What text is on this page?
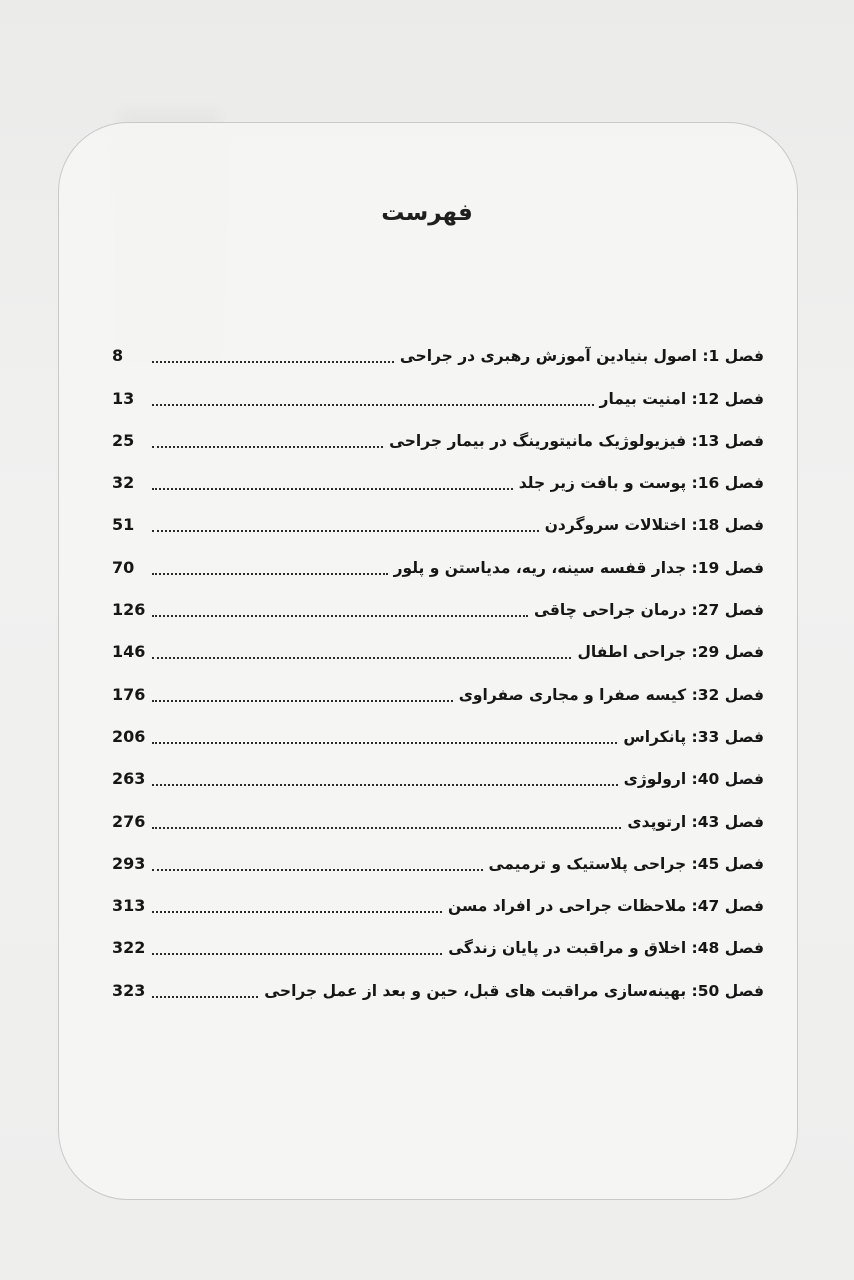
فهرست
فصل 1: اصول بنیادین آموزش رهبری در جراحی
8
فصل 12: امنیت بیمار
13
فصل 13: فیزیولوژیک مانیتورینگ در بیمار جراحی
25
فصل 16: پوست و بافت زیر جلد
32
فصل 18: اختلالات سروگردن
51
فصل 19: جدار قفسه سینه، ریه، مدیاستن و پلور
70
فصل 27: درمان جراحی چاقی
126
فصل 29: جراحی اطفال
146
فصل 32: کیسه صفرا و مجاری صفراوی
176
فصل 33: پانکراس
206
فصل 40: ارولوژی
263
فصل 43: ارتوپدی
276
فصل 45: جراحی پلاستیک و ترمیمی
293
فصل 47: ملاحظات جراحی در افراد مسن
313
فصل 48: اخلاق و مراقبت در پایان زندگی
322
فصل 50: بهینه‌سازی مراقبت های قبل، حین و بعد از عمل جراحی
323
